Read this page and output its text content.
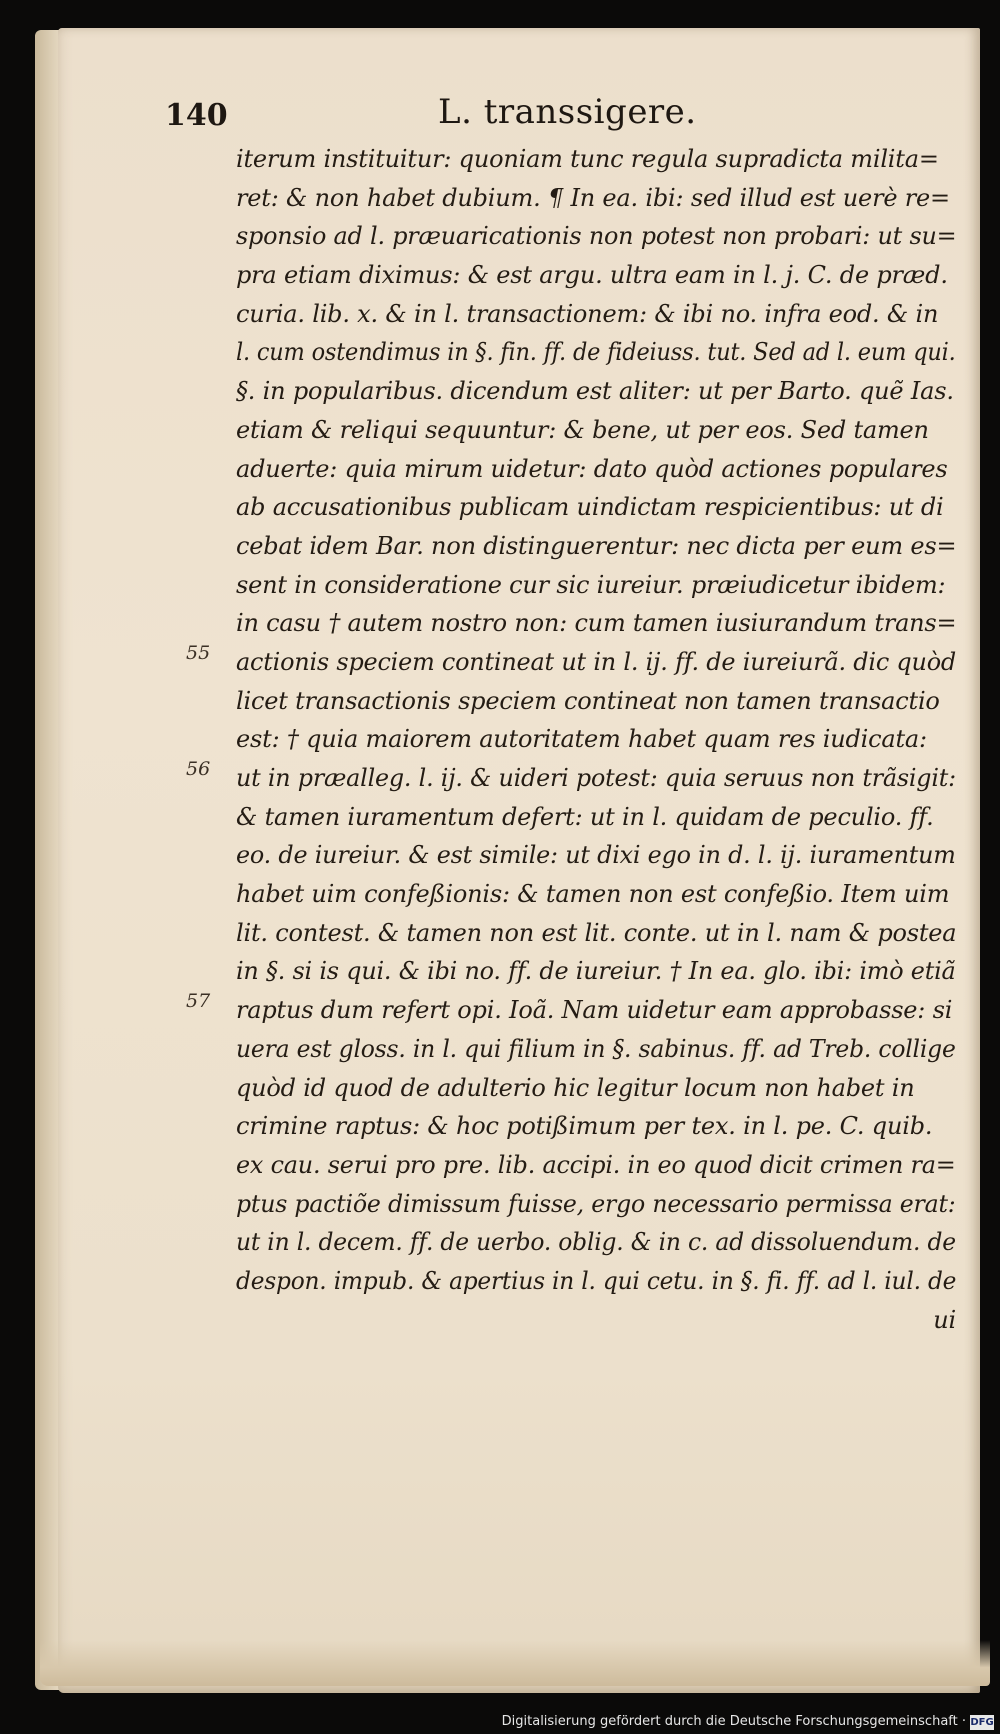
140	L. transsigere.
55
56
57
iterum instituitur: quoniam tunc regula supradicta milita=
ret: & non habet dubium. ¶ In ea. ibi: sed illud est uerè re=
sponsio ad l. præuaricationis non potest non probari: ut su=
pra etiam diximus: & est argu. ultra eam in l. j. C. de præd.
curia. lib. x. & in l. transactionem: & ibi no. infra eod. & in
l. cum ostendimus in §. fin. ff. de fideiuss. tut. Sed ad l. eum qui.
§. in popularibus. dicendum est aliter: ut per Barto. quẽ Ias.
etiam & reliqui sequuntur: & bene, ut per eos. Sed tamen
aduerte: quia mirum uidetur: dato quòd actiones populares
ab accusationibus publicam uindictam respicientibus: ut di
cebat idem Bar. non distinguerentur: nec dicta per eum es=
sent in consideratione cur sic iureiur. præiudicetur ibidem:
in casu † autem nostro non: cum tamen iusiurandum trans=
actionis speciem contineat ut in l. ij. ff. de iureiurã. dic quòd
licet transactionis speciem contineat non tamen transactio
est: † quia maiorem autoritatem habet quam res iudicata:
ut in præalleg. l. ij. & uideri potest: quia seruus non trãsigit:
& tamen iuramentum defert: ut in l. quidam de peculio. ff.
eo. de iureiur. & est simile: ut dixi ego in d. l. ij. iuramentum
habet uim confeßionis: & tamen non est confeßio. Item uim
lit. contest. & tamen non est lit. conte. ut in l. nam & postea
in §. si is qui. & ibi no. ff. de iureiur. † In ea. glo. ibi: imò etiã
raptus dum refert opi. Ioã. Nam uidetur eam approbasse: si
uera est gloss. in l. qui filium in §. sabinus. ff. ad Treb. collige
quòd id quod de adulterio hic legitur locum non habet in
crimine raptus: & hoc potißimum per tex. in l. pe. C. quib.
ex cau. serui pro pre. lib. accipi. in eo quod dicit crimen ra=
ptus pactiõe dimissum fuisse, ergo necessario permissa erat:
ut in l. decem. ff. de uerbo. oblig. & in c. ad dissoluendum. de
despon. impub. & apertius in l. qui cetu. in §. fi. ff. ad l. iul. de
ui
Digitalisierung gefördert durch die Deutsche Forschungsgemeinschaft · DFG
